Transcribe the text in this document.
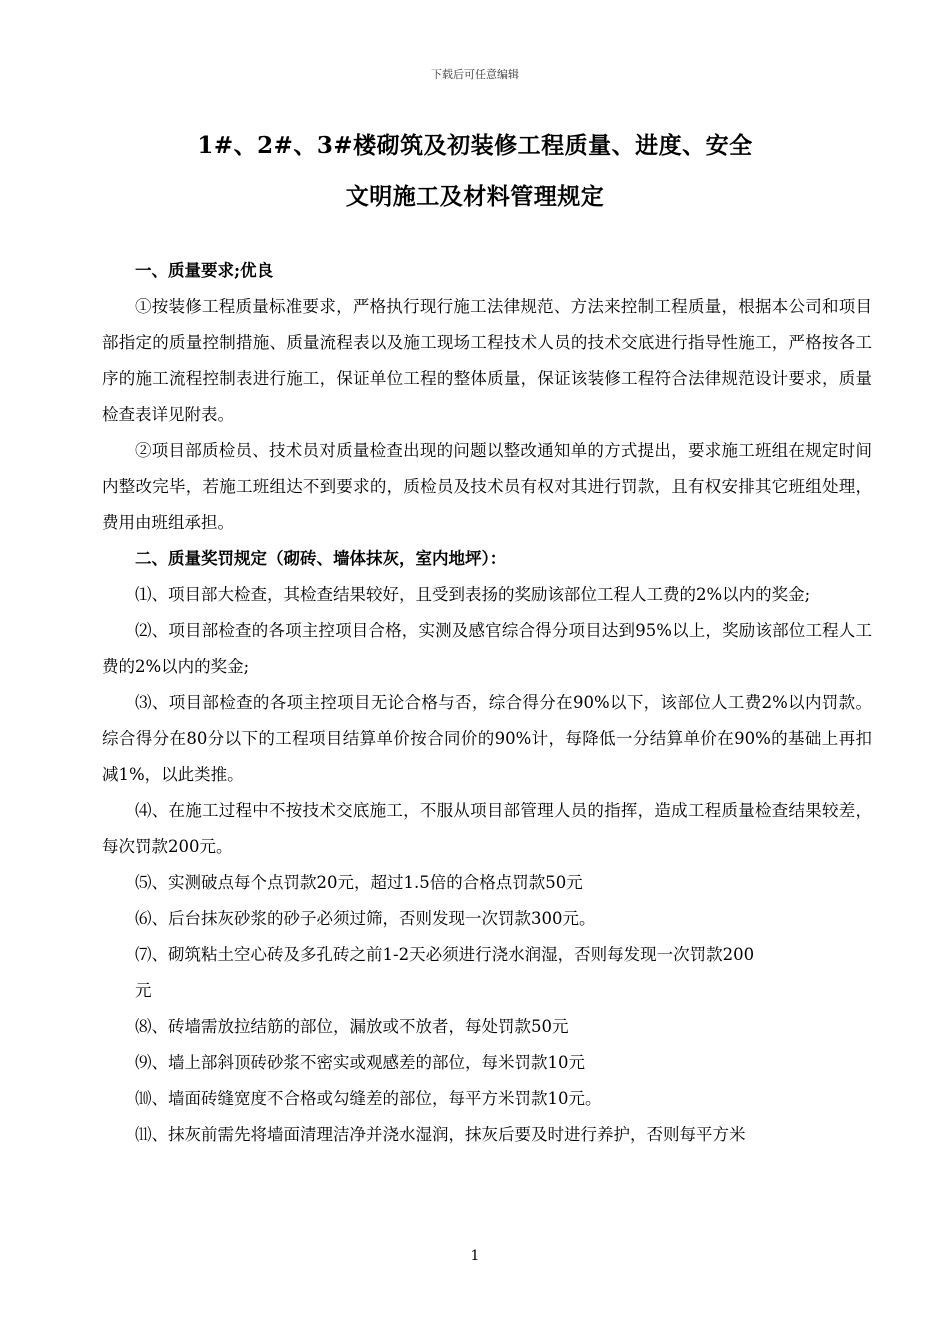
下载后可任意编辑
1#、2#、3#楼砌筑及初装修工程质量、进度、安全
文明施工及材料管理规定

一、质量要求;优良

①按装修工程质量标准要求，严格执行现行施工法律规范、方法来控制工程质量，根据本公司和项目部指定的质量控制措施、质量流程表以及施工现场工程技术人员的技术交底进行指导性施工，严格按各工序的施工流程控制表进行施工，保证单位工程的整体质量，保证该装修工程符合法律规范设计要求，质量检查表详见附表。

②项目部质检员、技术员对质量检查出现的问题以整改通知单的方式提出，要求施工班组在规定时间内整改完毕，若施工班组达不到要求的，质检员及技术员有权对其进行罚款，且有权安排其它班组处理，费用由班组承担。

二、质量奖罚规定（砌砖、墙体抹灰，室内地坪）：

⑴、项目部大检查，其检查结果较好，且受到表扬的奖励该部位工程人工费的2%以内的奖金;

⑵、项目部检查的各项主控项目合格，实测及感官综合得分项目达到95%以上，奖励该部位工程人工费的2%以内的奖金;

⑶、项目部检查的各项主控项目无论合格与否，综合得分在90%以下，该部位人工费2%以内罚款。综合得分在80分以下的工程项目结算单价按合同价的90%计，每降低一分结算单价在90%的基础上再扣减1%，以此类推。

⑷、在施工过程中不按技术交底施工，不服从项目部管理人员的指挥，造成工程质量检查结果较差，每次罚款200元。

⑸、实测破点每个点罚款20元，超过1.5倍的合格点罚款50元

⑹、后台抹灰砂浆的砂子必须过筛，否则发现一次罚款300元。

⑺、砌筑粘土空心砖及多孔砖之前1-2天必须进行浇水润湿，否则每发现一次罚款200

元

⑻、砖墙需放拉结筋的部位，漏放或不放者，每处罚款50元

⑼、墙上部斜顶砖砂浆不密实或观感差的部位，每米罚款10元

⑽、墙面砖缝宽度不合格或勾缝差的部位，每平方米罚款10元。

⑾、抹灰前需先将墙面清理洁净并浇水湿润，抹灰后要及时进行养护，否则每平方米

1
